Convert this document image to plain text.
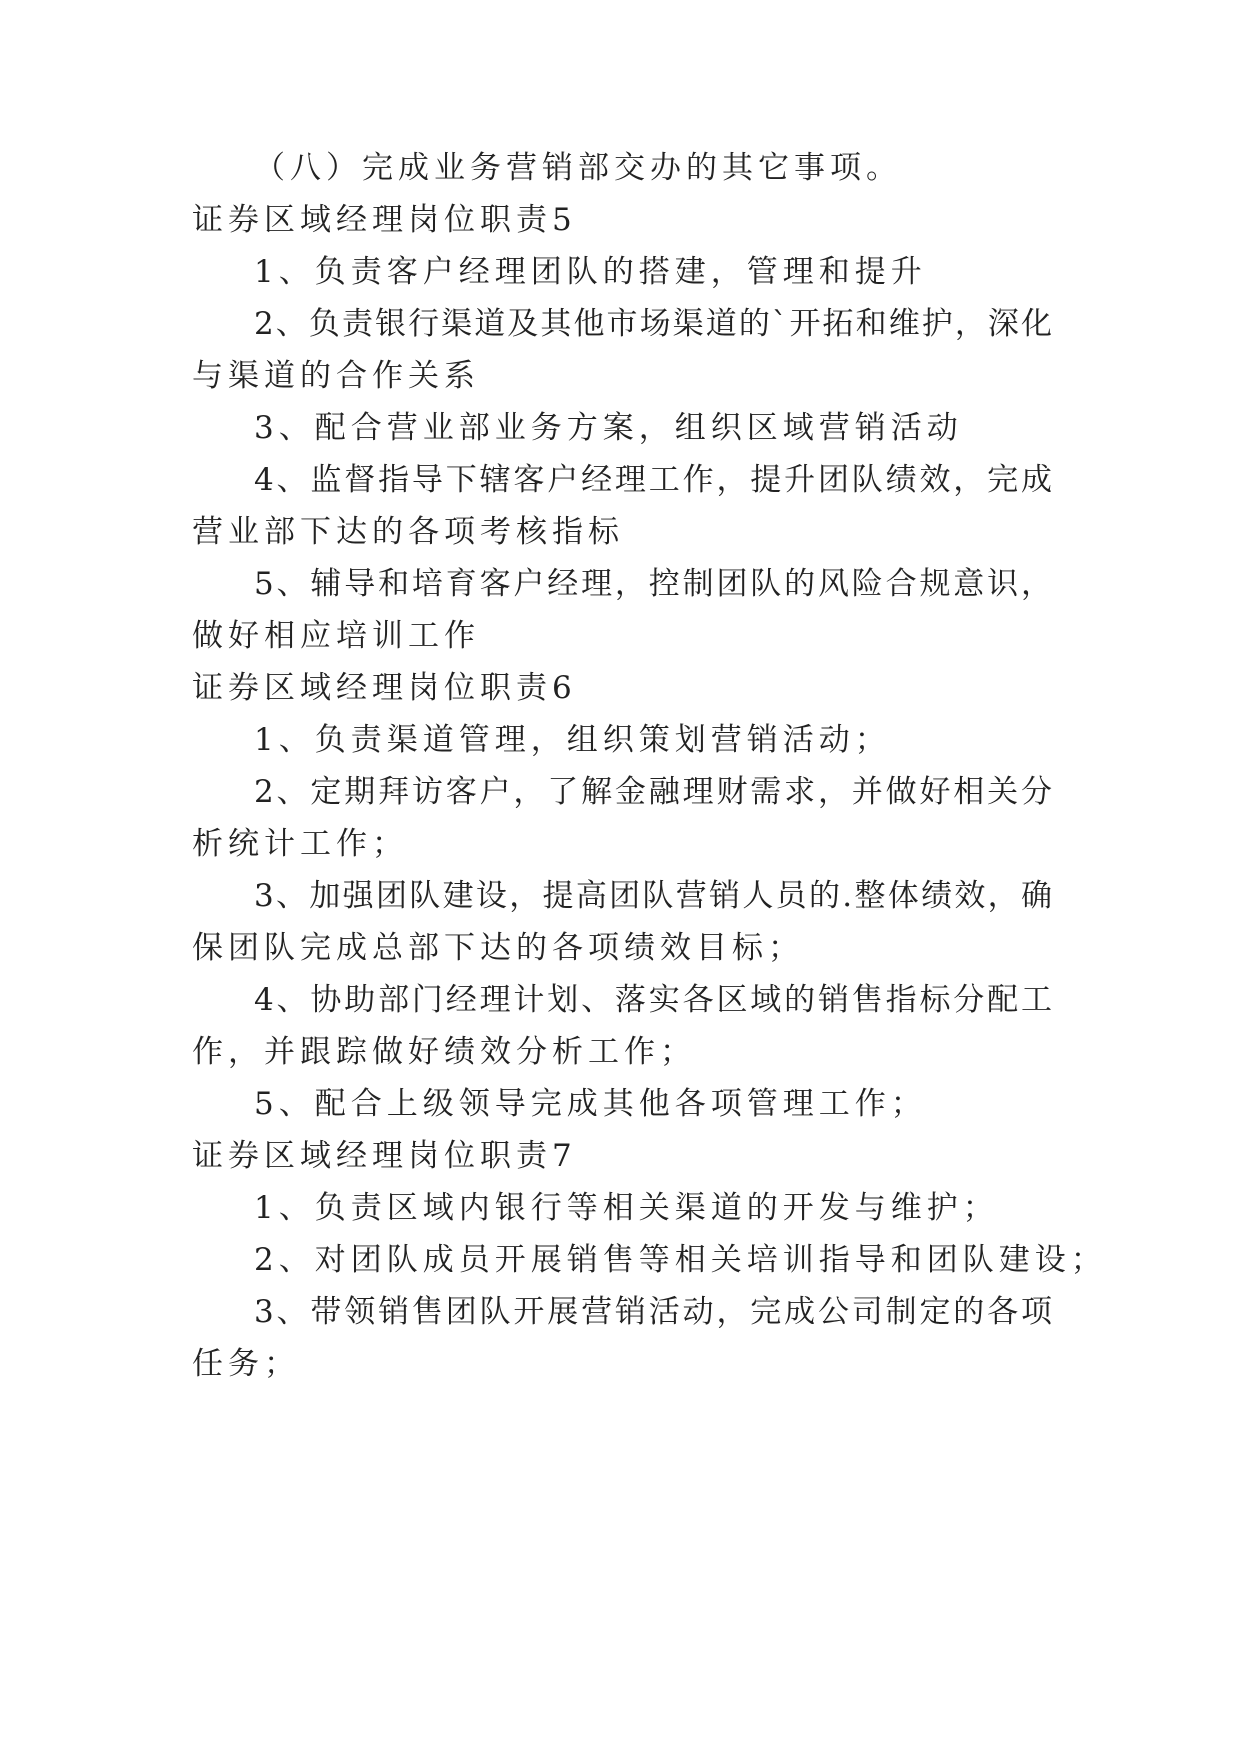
（八）完成业务营销部交办的其它事项。
证券区域经理岗位职责5
1、负责客户经理团队的搭建，管理和提升
2、负责银行渠道及其他市场渠道的`开拓和维护，深化
与渠道的合作关系
3、配合营业部业务方案，组织区域营销活动
4、监督指导下辖客户经理工作，提升团队绩效，完成
营业部下达的各项考核指标
5、辅导和培育客户经理，控制团队的风险合规意识，
做好相应培训工作
证券区域经理岗位职责6
1、负责渠道管理，组织策划营销活动；
2、定期拜访客户，了解金融理财需求，并做好相关分
析统计工作；
3、加强团队建设，提高团队营销人员的.整体绩效，确
保团队完成总部下达的各项绩效目标；
4、协助部门经理计划、落实各区域的销售指标分配工
作，并跟踪做好绩效分析工作；
5、配合上级领导完成其他各项管理工作；
证券区域经理岗位职责7
1、负责区域内银行等相关渠道的开发与维护；
2、对团队成员开展销售等相关培训指导和团队建设；
3、带领销售团队开展营销活动，完成公司制定的各项
任务；
